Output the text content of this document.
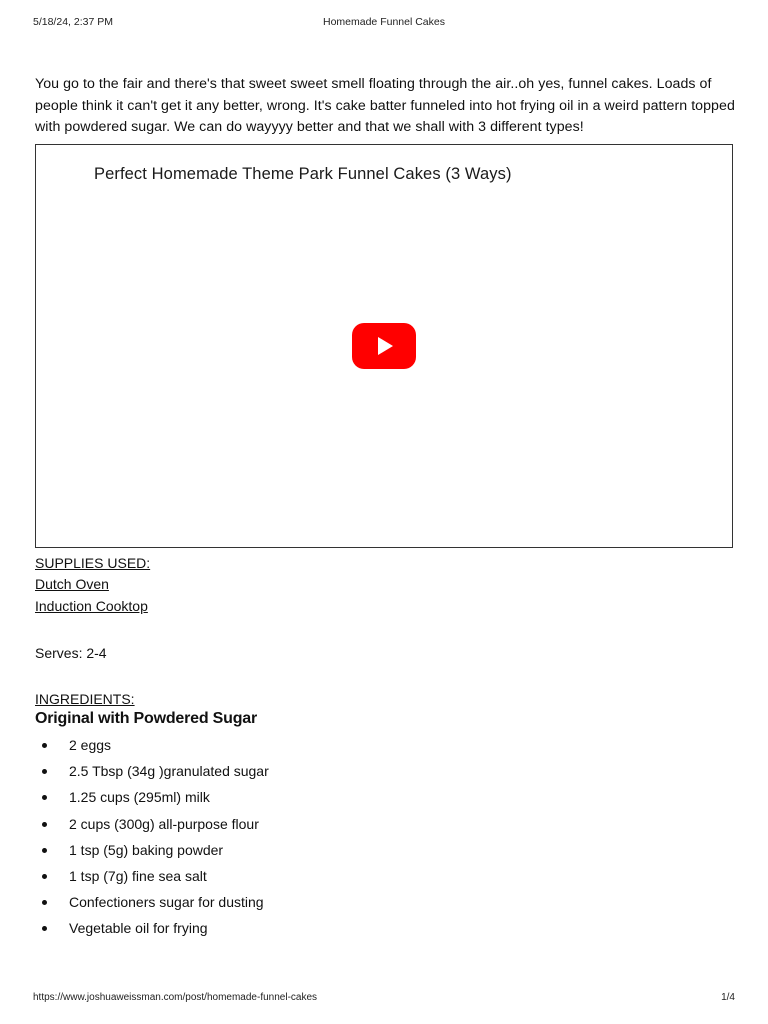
5/18/24, 2:37 PM	Homemade Funnel Cakes

You go to the fair and there's that sweet sweet smell floating through the air..oh yes, funnel cakes. Loads of people think it can't get it any better, wrong. It's cake batter funneled into hot frying oil in a weird pattern topped with powdered sugar. We can do wayyyy better and that we shall with 3 different types!

Perfect Homemade Theme Park Funnel Cakes (3 Ways)
SUPPLIES USED:
Dutch Oven
Induction Cooktop
Serves: 2-4
INGREDIENTS:
Original with Powdered Sugar
2 eggs
2.5 Tbsp (34g )granulated sugar
1.25 cups (295ml) milk
2 cups (300g) all-purpose flour
1 tsp (5g) baking powder
1 tsp (7g) fine sea salt
Confectioners sugar for dusting
Vegetable oil for frying
https://www.joshuaweissman.com/post/homemade-funnel-cakes	1/4
